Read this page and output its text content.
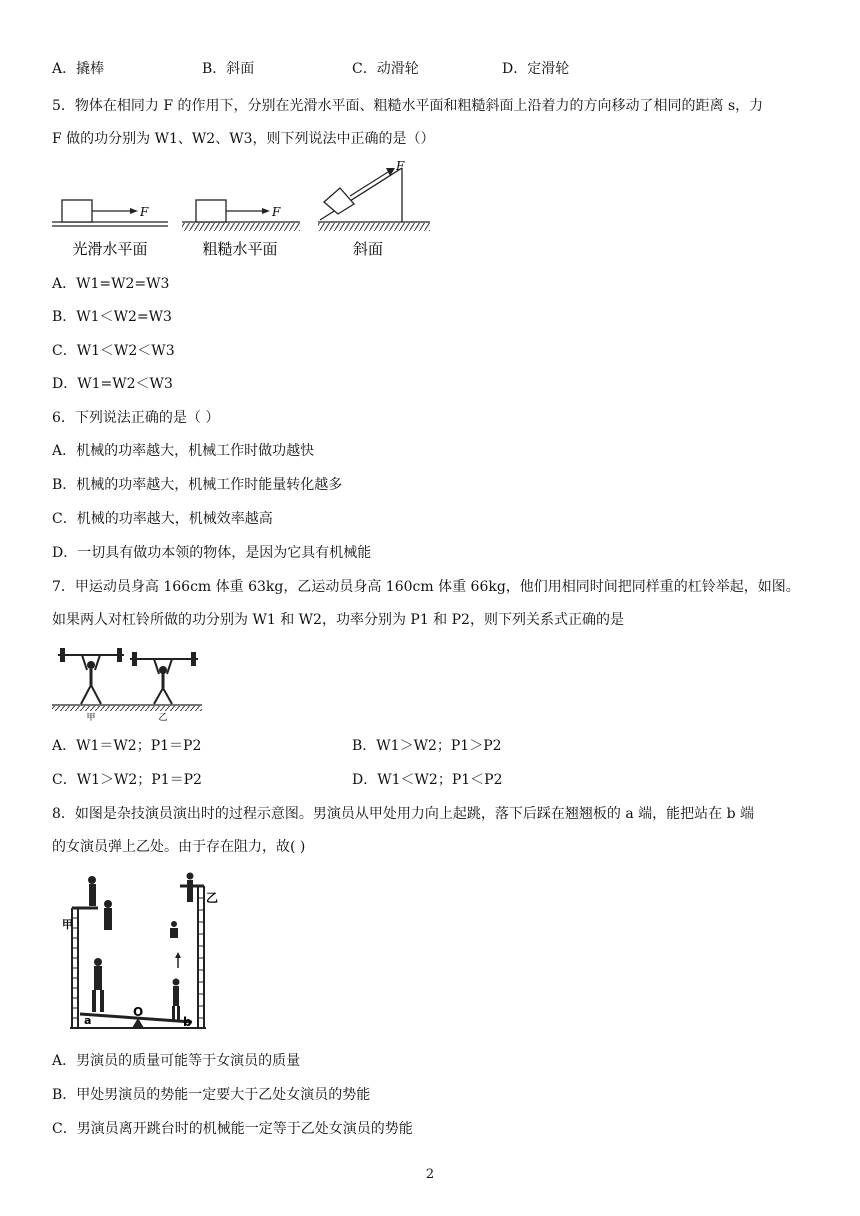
A．撬棒	B．斜面	C．动滑轮	D．定滑轮
5．物体在相同力 F 的作用下，分别在光滑水平面、粗糙水平面和粗糙斜面上沿着力的方向移动了相同的距离 s，力
F 做的功分别为 W1、W2、W3，则下列说法中正确的是（）
F	F
F
光滑水平面	粗糙水平面	斜面
A．W1=W2=W3
B．W1＜W2=W3
C．W1＜W2＜W3
D．W1=W2＜W3
6．下列说法正确的是（ ）
A．机械的功率越大，机械工作时做功越快
B．机械的功率越大，机械工作时能量转化越多
C．机械的功率越大，机械效率越高
D．一切具有做功本领的物体，是因为它具有机械能
7．甲运动员身高 166cm 体重 63kg，乙运动员身高 160cm 体重 66kg，他们用相同时间把同样重的杠铃举起，如图。
如果两人对杠铃所做的功分别为 W1 和 W2，功率分别为 P1 和 P2，则下列关系式正确的是
甲	乙
A．W1＝W2；P1＝P2	B．W1＞W2；P1＞P2
C．W1＞W2；P1＝P2	D．W1＜W2；P1＜P2
8．如图是杂技演员演出时的过程示意图。男演员从甲处用力向上起跳，落下后踩在翘翘板的 a 端，能把站在 b 端
的女演员弹上乙处。由于存在阻力，故( )
甲
乙
a
O
b
A．男演员的质量可能等于女演员的质量
B．甲处男演员的势能一定要大于乙处女演员的势能
C．男演员离开跳台时的机械能一定等于乙处女演员的势能
2
